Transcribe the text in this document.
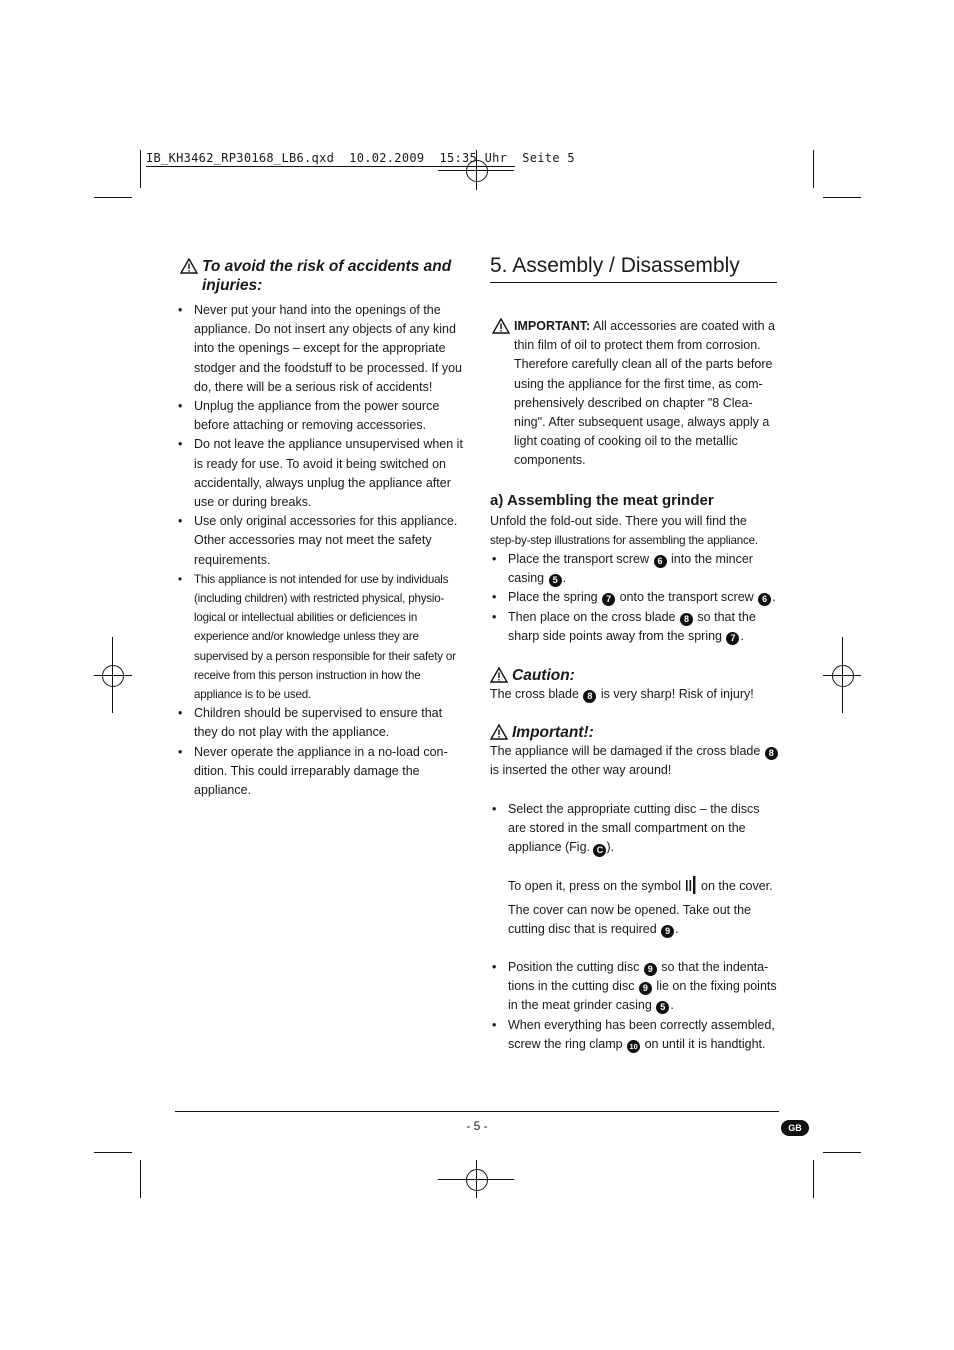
IB_KH3462_RP30168_LB6.qxd  10.02.2009  15:35 Uhr  Seite 5
To avoid the risk of accidents and injuries:
• Never put your hand into the openings of the appliance. Do not insert any objects of any kind into the openings – except for the appropriate stodger and the foodstuff to be processed. If you do, there will be a serious risk of accidents!
• Unplug the appliance from the power source before attaching or removing accessories.
• Do not leave the appliance unsupervised when it is ready for use. To avoid it being switched on accidentally, always unplug the appliance after use or during breaks.
• Use only original accessories for this appliance. Other accessories may not meet the safety requirements.
• This appliance is not intended for use by individuals (including children) with restricted physical, physio-logical or intellectual abilities or deficiences in experience and/or knowledge unless they are supervised by a person responsible for their safety or receive from this person instruction in how the appliance is to be used.
• Children should be supervised to ensure that they do not play with the appliance.
• Never operate the appliance in a no-load con-dition. This could irreparably damage the appliance.
5. Assembly / Disassembly
IMPORTANT: All accessories are coated with a thin film of oil to protect them from corrosion. Therefore carefully clean all of the parts before using the appliance for the first time, as com-prehensively described on chapter "8 Clea-ning". After subsequent usage, always apply a light coating of cooking oil to the metallic components.
a) Assembling the meat grinder
Unfold the fold-out side. There you will find the
step-by-step illustrations for assembling the appliance.
• Place the transport screw 6 into the mincer casing 5 .
• Place the spring 7 onto the transport screw 6 .
• Then place on the cross blade 8 so that the sharp side points away from the spring 7 .
Caution:
The cross blade 8 is very sharp! Risk of injury!
Important!:
The appliance will be damaged if the cross blade 8 is inserted the other way around!
• Select the appropriate cutting disc – the discs are stored in the small compartment on the appliance (Fig. C ).
To open it, press on the symbol on the cover. The cover can now be opened. Take out the cutting disc that is required 9 .
• Position the cutting disc 9 so that the indenta-tions in the cutting disc 9 lie on the fixing points in the meat grinder casing 5 .
• When everything has been correctly assembled, screw the ring clamp 10 on until it is handtight.
- 5 -	GB
